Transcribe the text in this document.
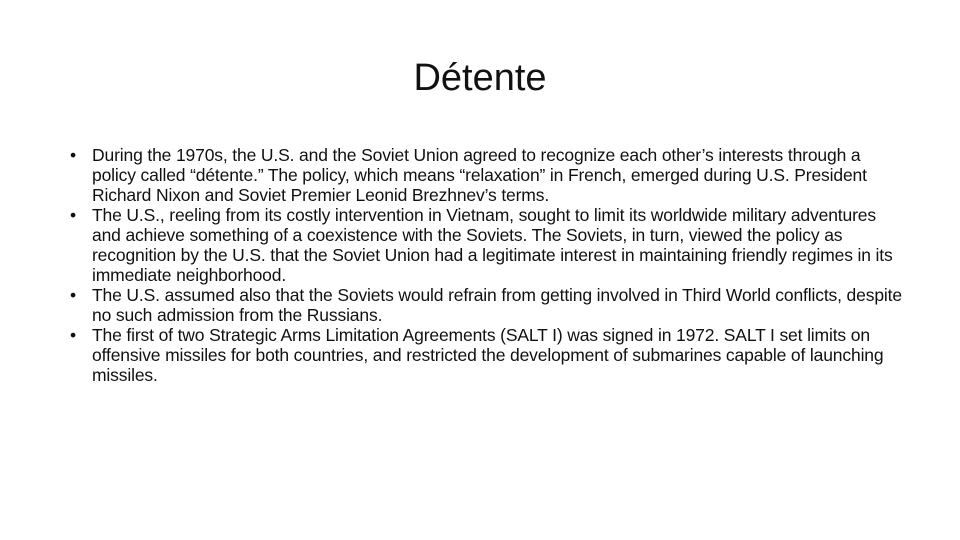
Détente
• During the 1970s, the U.S. and the Soviet Union agreed to recognize each other’s interests through a policy called “détente.” The policy, which means “relaxation” in French, emerged during U.S. President Richard Nixon and Soviet Premier Leonid Brezhnev’s terms.
• The U.S., reeling from its costly intervention in Vietnam, sought to limit its worldwide military adventures and achieve something of a coexistence with the Soviets. The Soviets, in turn, viewed the policy as recognition by the U.S. that the Soviet Union had a legitimate interest in maintaining friendly regimes in its immediate neighborhood.
• The U.S. assumed also that the Soviets would refrain from getting involved in Third World conflicts, despite no such admission from the Russians.
• The first of two Strategic Arms Limitation Agreements (SALT I) was signed in 1972. SALT I set limits on offensive missiles for both countries, and restricted the development of submarines capable of launching missiles.
